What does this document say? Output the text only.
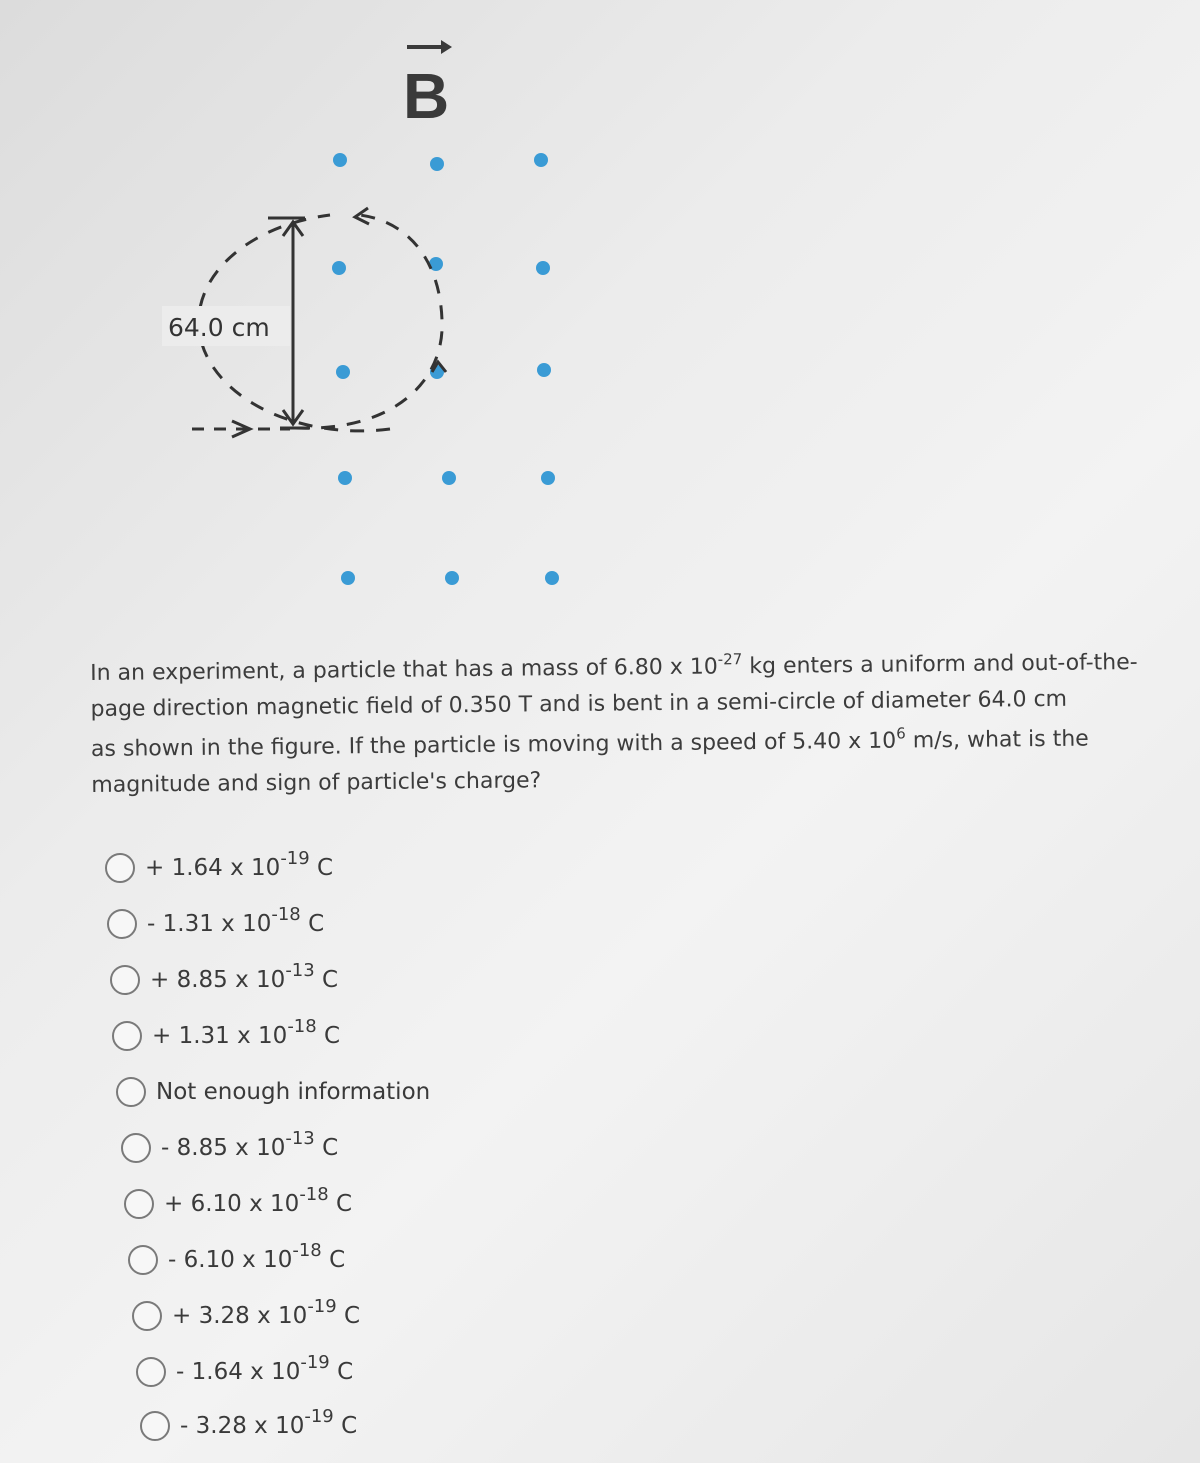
B
64.0 cm

In an experiment, a particle that has a mass of 6.80 x $10^{-27}$ kg enters a uniform and out-of-the-page direction magnetic field of 0.350 T and is bent in a semi-circle of diameter 64.0 cm

as shown in the figure. If the particle is moving with a speed of 5.40 x $10^6$ m/s, what is the magnitude and sign of particle's charge?

+ 1.64 x $10^{-19}$ C
- 1.31 x $10^{-18}$ C
+ 8.85 x $10^{-13}$ C
+ 1.31 x $10^{-18}$ C
Not enough information
- 8.85 x $10^{-13}$ C
+ 6.10 x $10^{-18}$ C
- 6.10 x $10^{-18}$ C
+ 3.28 x $10^{-19}$ C
- 1.64 x $10^{-19}$ C
- 3.28 x $10^{-19}$ C
